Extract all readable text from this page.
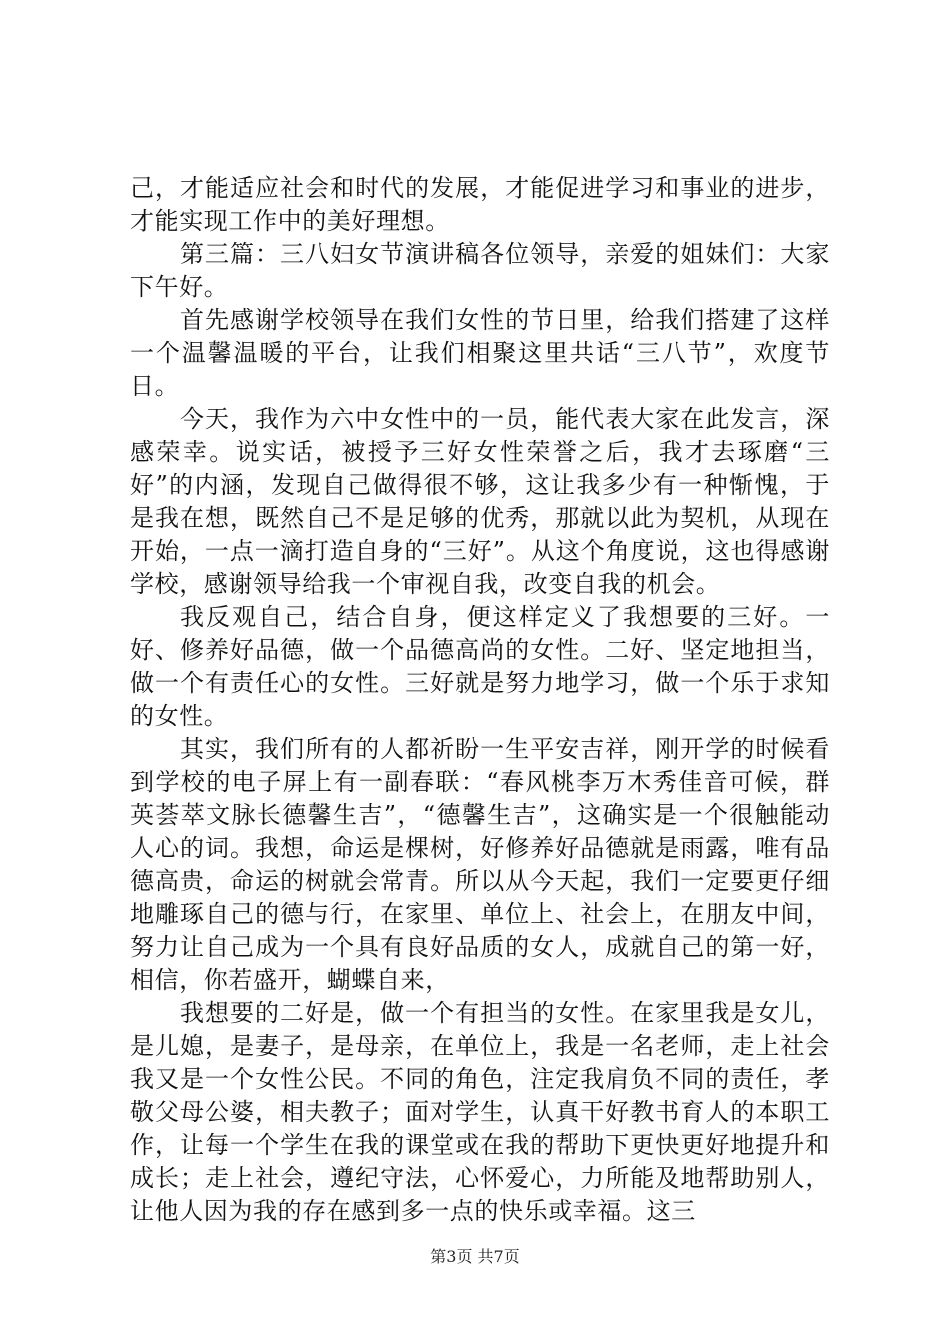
己，才能适应社会和时代的发展，才能促进学习和事业的进步，才能实现工作中的美好理想。

第三篇：三八妇女节演讲稿各位领导，亲爱的姐妹们：大家下午好。

首先感谢学校领导在我们女性的节日里，给我们搭建了这样一个温馨温暖的平台，让我们相聚这里共话“三八节”，欢度节日。

今天，我作为六中女性中的一员，能代表大家在此发言，深感荣幸。说实话，被授予三好女性荣誉之后，我才去琢磨“三好”的内涵，发现自己做得很不够，这让我多少有一种惭愧，于是我在想，既然自己不是足够的优秀，那就以此为契机，从现在开始，一点一滴打造自身的“三好”。从这个角度说，这也得感谢学校，感谢领导给我一个审视自我，改变自我的机会。

我反观自己，结合自身，便这样定义了我想要的三好。一好、修养好品德，做一个品德高尚的女性。二好、坚定地担当，做一个有责任心的女性。三好就是努力地学习，做一个乐于求知的女性。

其实，我们所有的人都祈盼一生平安吉祥，刚开学的时候看到学校的电子屏上有一副春联：“春风桃李万木秀佳音可候，群英荟萃文脉长德馨生吉”，“德馨生吉”，这确实是一个很触能动人心的词。我想，命运是棵树，好修养好品德就是雨露，唯有品德高贵，命运的树就会常青。所以从今天起，我们一定要更仔细地雕琢自己的德与行，在家里、单位上、社会上，在朋友中间，努力让自己成为一个具有良好品质的女人，成就自己的第一好，相信，你若盛开，蝴蝶自来，

我想要的二好是，做一个有担当的女性。在家里我是女儿，是儿媳，是妻子，是母亲，在单位上，我是一名老师，走上社会我又是一个女性公民。不同的角色，注定我肩负不同的责任，孝敬父母公婆，相夫教子；面对学生，认真干好教书育人的本职工作，让每一个学生在我的课堂或在我的帮助下更快更好地提升和成长；走上社会，遵纪守法，心怀爱心，力所能及地帮助别人，让他人因为我的存在感到多一点的快乐或幸福。这三

第3页 共7页
